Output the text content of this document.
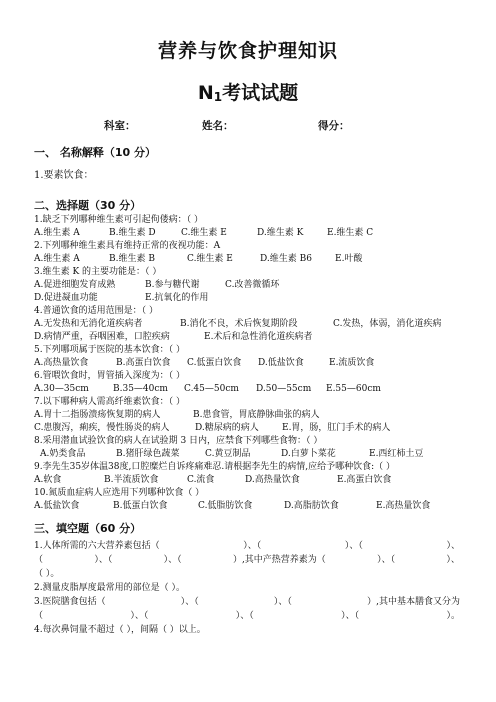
营养与饮食护理知识
$N_1$考试试题
科室：	姓名：	得分：
一、 名称解释（10 分）
1.要素饮食：
二、选择题（30 分）
1.缺乏下列哪种维生素可引起佝偻病：（ ）
A.维生素 A	B.维生素 D	C.维生素 E	D.维生素 K	E.维生素 C
2.下列哪种维生素具有维持正常的夜视功能：A
A.维生素 A	B.维生素 B	C.维生素 E	D.维生素 B6	E.叶酸
3.维生素 K 的主要功能是：（ ）
A.促进细胞发育成熟	B.参与糖代谢	C.改善微循环
D.促进凝血功能	E.抗氧化的作用
4.普通饮食的适用范围是：（ ）
A.无发热和无消化道疾病者	B.消化不良，术后恢复期阶段	C.发热，体弱，消化道疾病
D.病情严重，吞咽困难，口腔疾病	E.术后和急性消化道疾病者
5.下列哪项属于医院的基本饮食：（ ）
A.高热量饮食	B.高蛋白饮食 C.低蛋白饮食 D.低盐饮食	E.流质饮食
6.管喂饮食时，胃管插入深度为：（ ）
A.30—35cm	B.35—40cm C.45—50cm D.50—55cm E.55—60cm
7.以下哪种病人需高纤维素饮食：（ ）
A.胃十二指肠溃疡恢复期的病人	B.患食管，胃底静脉曲张的病人
C.患腹泻，痢疾，慢性肠炎的病人	D.糖尿病的病人	E.胃，肠，肛门手术的病人
8.采用潜血试验饮食的病人在试验期 3 日内，应禁食下列哪些食物：（ ）
A.奶类食品	B.猪肝绿色蔬菜	C.黄豆制品	D.白萝卜菜花	E.西红柿土豆
9.李先生35岁体温38度,口腔糜烂自诉疼痛难忍.请根据李先生的病情,应给予哪种饮食:（ ）
A.软食	B.半流质饮食	C.流食	D.高热量饮食	E.高蛋白饮食
10.氮质血症病人应选用下列哪种饮食（ ）
A.低盐饮食	B.低蛋白饮食	C.低脂肪饮食	D.高脂肪饮食	E.高热量饮食
三、填空题（60 分）
1.人体所需的六大营养素包括（	）、（	）、（	）、
（	）、（	）、（	）,其中产热营养素为（	）、（	）、
（ ）。
2.测量皮脂厚度最常用的部位是（ ）。
3.医院膳食包括（	）、（	）、（	）,其中基本膳食又分为
（	）、（	）、（	）、（	）。
4.每次鼻饲量不超过（ ），间隔（ ）以上。
